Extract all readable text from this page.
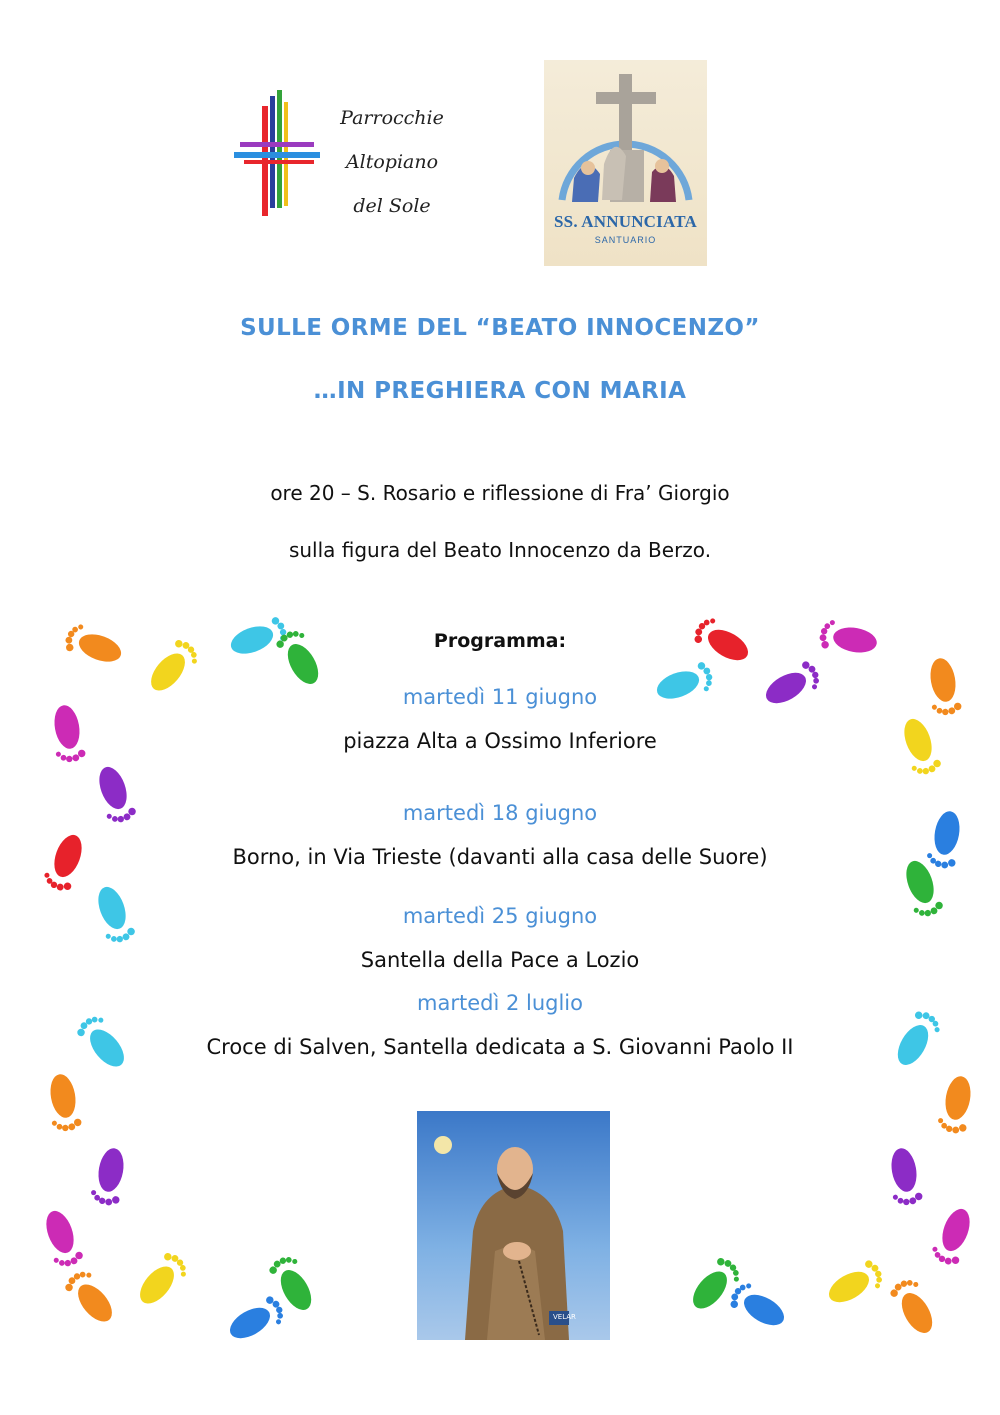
Parrocchie
Altopiano
del Sole
SS. ANNUNCIATA
SANTUARIO
SULLE ORME DEL “BEATO INNOCENZO”
…IN PREGHIERA CON MARIA
ore 20 – S. Rosario e riflessione di Fra’ Giorgio
sulla figura del Beato Innocenzo da Berzo.
Programma:
martedì 11 giugno
piazza Alta a Ossimo Inferiore
martedì 18 giugno
Borno, in Via Trieste (davanti alla casa delle Suore)
martedì 25 giugno
Santella della Pace a Lozio
martedì 2 luglio
Croce di Salven, Santella dedicata a S. Giovanni Paolo II
VELAR
